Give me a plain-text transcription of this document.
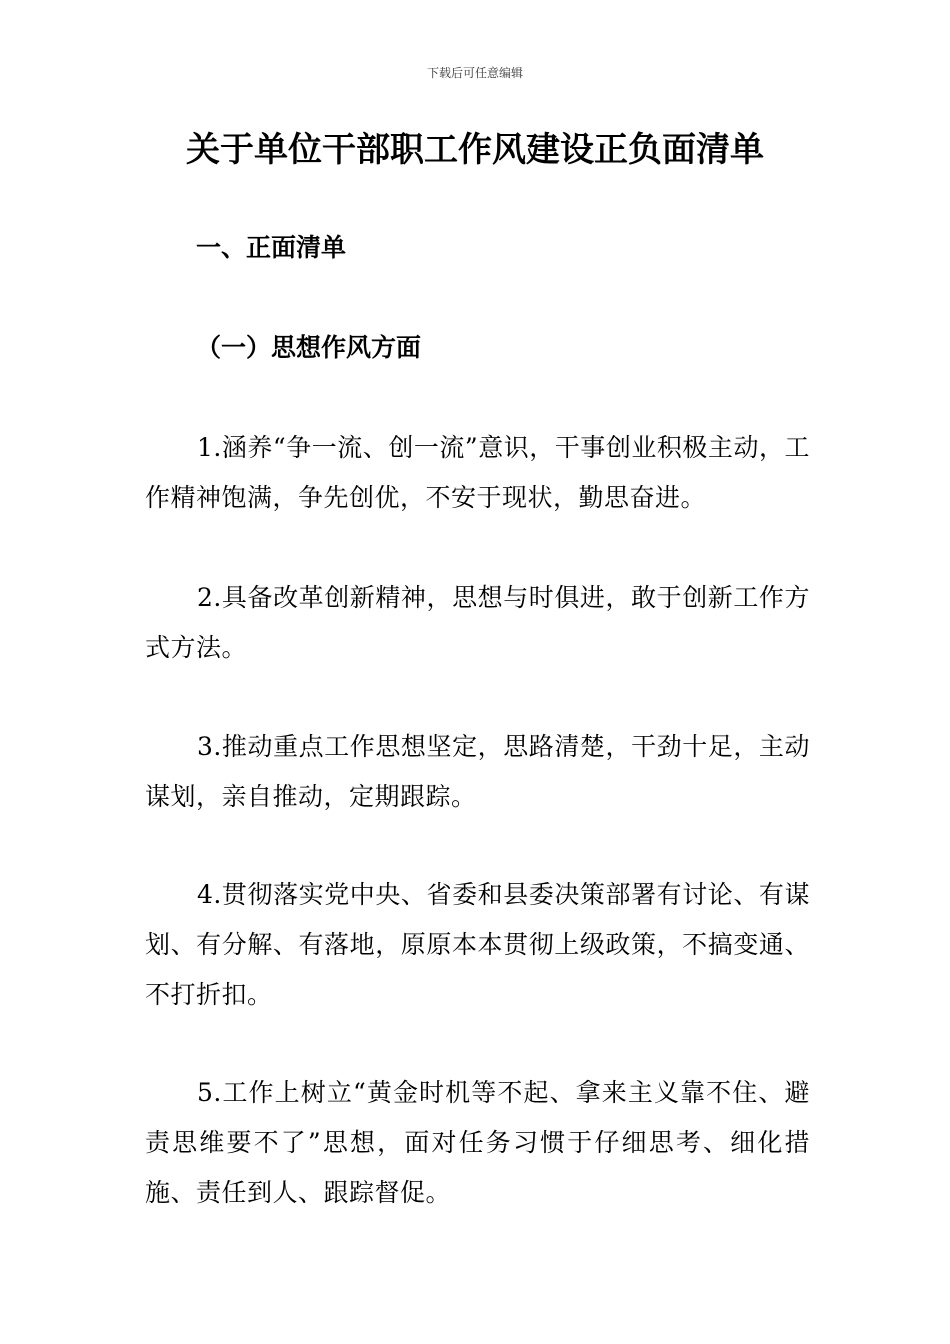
下载后可任意编辑
关于单位干部职工作风建设正负面清单
一、正面清单
（一）思想作风方面

1.涵养“争一流、创一流”意识，干事创业积极主动，工作精神饱满，争先创优，不安于现状，勤思奋进。

2.具备改革创新精神，思想与时俱进，敢于创新工作方式方法。

3.推动重点工作思想坚定，思路清楚，干劲十足，主动谋划，亲自推动，定期跟踪。

4.贯彻落实党中央、省委和县委决策部署有讨论、有谋划、有分解、有落地，原原本本贯彻上级政策，不搞变通、不打折扣。

5.工作上树立“黄金时机等不起、拿来主义靠不住、避责思维要不了”思想，面对任务习惯于仔细思考、细化措施、责任到人、跟踪督促。
